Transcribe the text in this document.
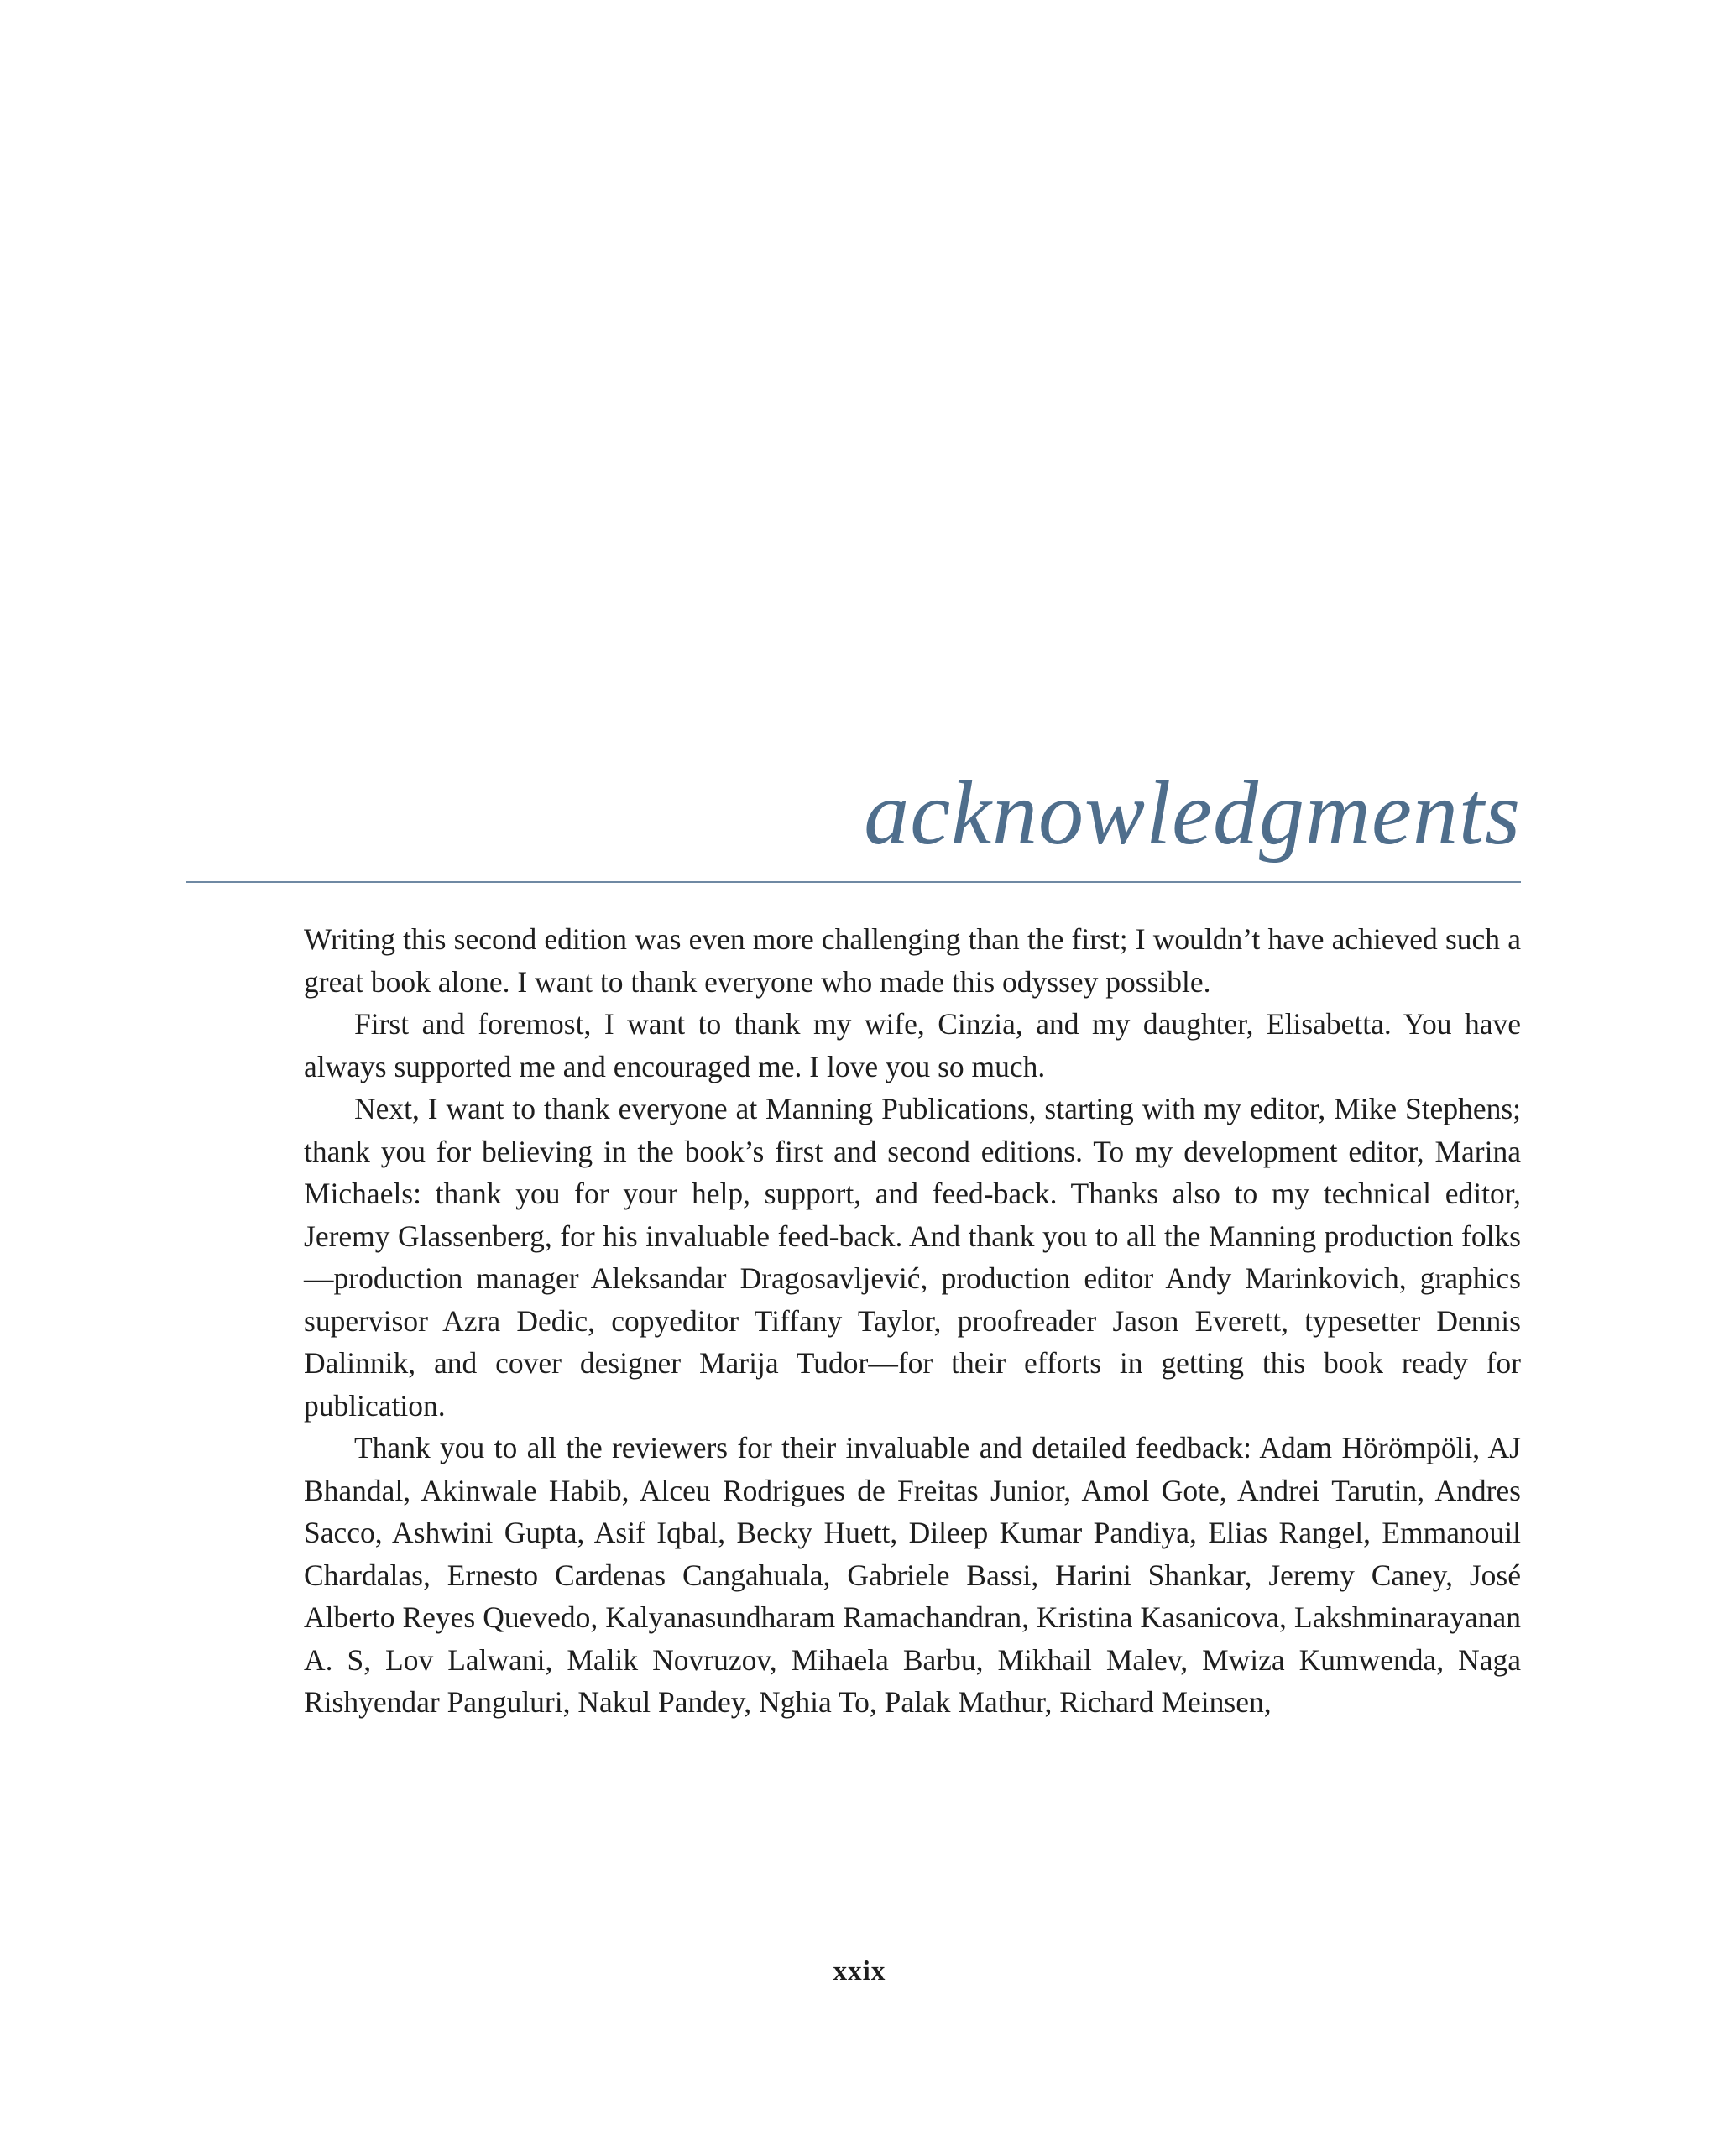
acknowledgments

Writing this second edition was even more challenging than the first; I wouldn’t have achieved such a great book alone. I want to thank everyone who made this odyssey possible.

First and foremost, I want to thank my wife, Cinzia, and my daughter, Elisabetta. You have always supported me and encouraged me. I love you so much.

Next, I want to thank everyone at Manning Publications, starting with my editor, Mike Stephens; thank you for believing in the book’s first and second editions. To my development editor, Marina Michaels: thank you for your help, support, and feed-back. Thanks also to my technical editor, Jeremy Glassenberg, for his invaluable feed-back. And thank you to all the Manning production folks—production manager Aleksandar Dragosavljević, production editor Andy Marinkovich, graphics supervisor Azra Dedic, copyeditor Tiffany Taylor, proofreader Jason Everett, typesetter Dennis Dalinnik, and cover designer Marija Tudor—for their efforts in getting this book ready for publication.

Thank you to all the reviewers for their invaluable and detailed feedback: Adam Hörömpöli, AJ Bhandal, Akinwale Habib, Alceu Rodrigues de Freitas Junior, Amol Gote, Andrei Tarutin, Andres Sacco, Ashwini Gupta, Asif Iqbal, Becky Huett, Dileep Kumar Pandiya, Elias Rangel, Emmanouil Chardalas, Ernesto Cardenas Cangahuala, Gabriele Bassi, Harini Shankar, Jeremy Caney, José Alberto Reyes Quevedo, Kalyanasundharam Ramachandran, Kristina Kasanicova, Lakshminarayanan A. S, Lov Lalwani, Malik Novruzov, Mihaela Barbu, Mikhail Malev, Mwiza Kumwenda, Naga Rishyendar Panguluri, Nakul Pandey, Nghia To, Palak Mathur, Richard Meinsen,

xxix
